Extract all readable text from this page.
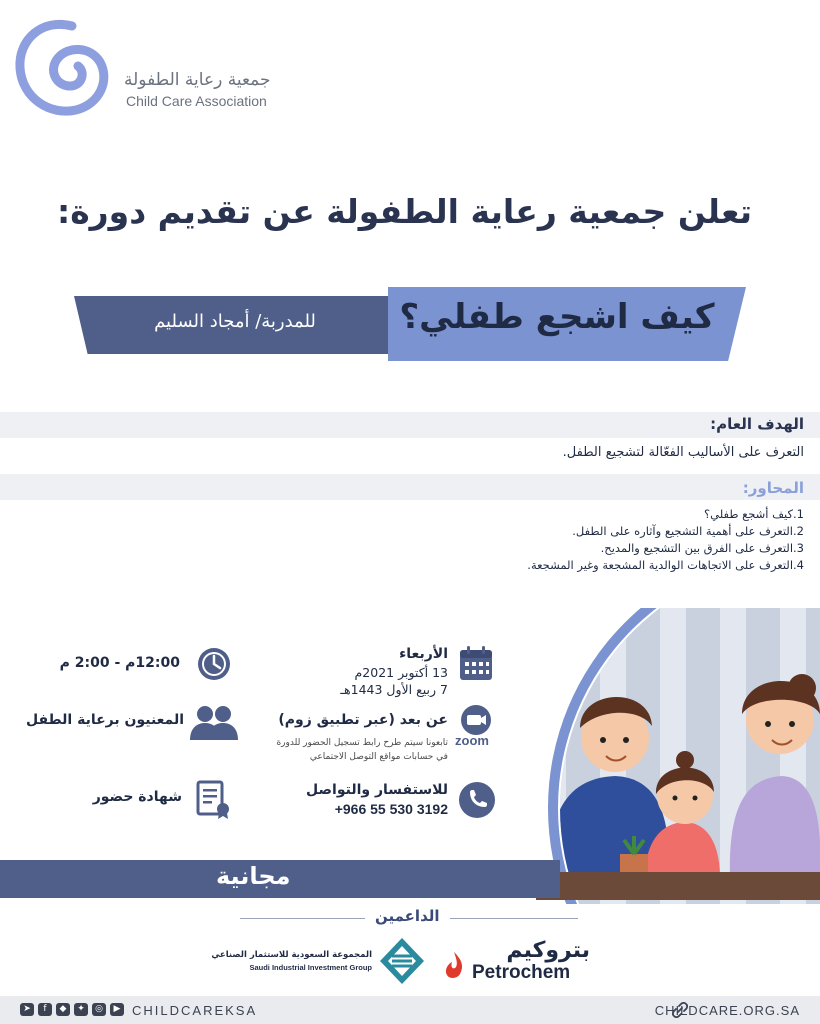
جمعية رعاية الطفولة
Child Care Association
تعلن جمعية رعاية الطفولة عن تقديم دورة:
للمدربة/ أمجاد السليم	كيف اشجع طفلي؟
الهدف العام:
التعرف على الأساليب الفعّالة لتشجيع الطفل.
المحاور:
1.كيف أشجع طفلي؟
2.التعرف على أهمية التشجيع وآثاره على الطفل.
3.التعرف على الفرق بين التشجيع والمديح.
4.التعرف على الاتجاهات الوالدية المشجعة وغير المشجعة.
الأربعاء
13 أكتوبر 2021م
7 ربيع الأول 1443هـ
12:00م - 2:00 م
zoom
عن بعد (عبر تطبيق زوم)
تابعونا سيتم طرح رابط تسجيل الحضور للدورة
في حسابات مواقع التوصل الاجتماعي
المعنيون برعاية الطفل
للاستفسار والتواصل
+966 55 530 3192
شهادة حضور
مجانية
الداعمين
بتروكيم
Petrochem
المجموعة السعودية للاستثمار الصناعي
Saudi Industrial Investment Group
➤	f	◆	✦	◎	▶ CHILDCAREKSA	CHILDCARE.ORG.SA
